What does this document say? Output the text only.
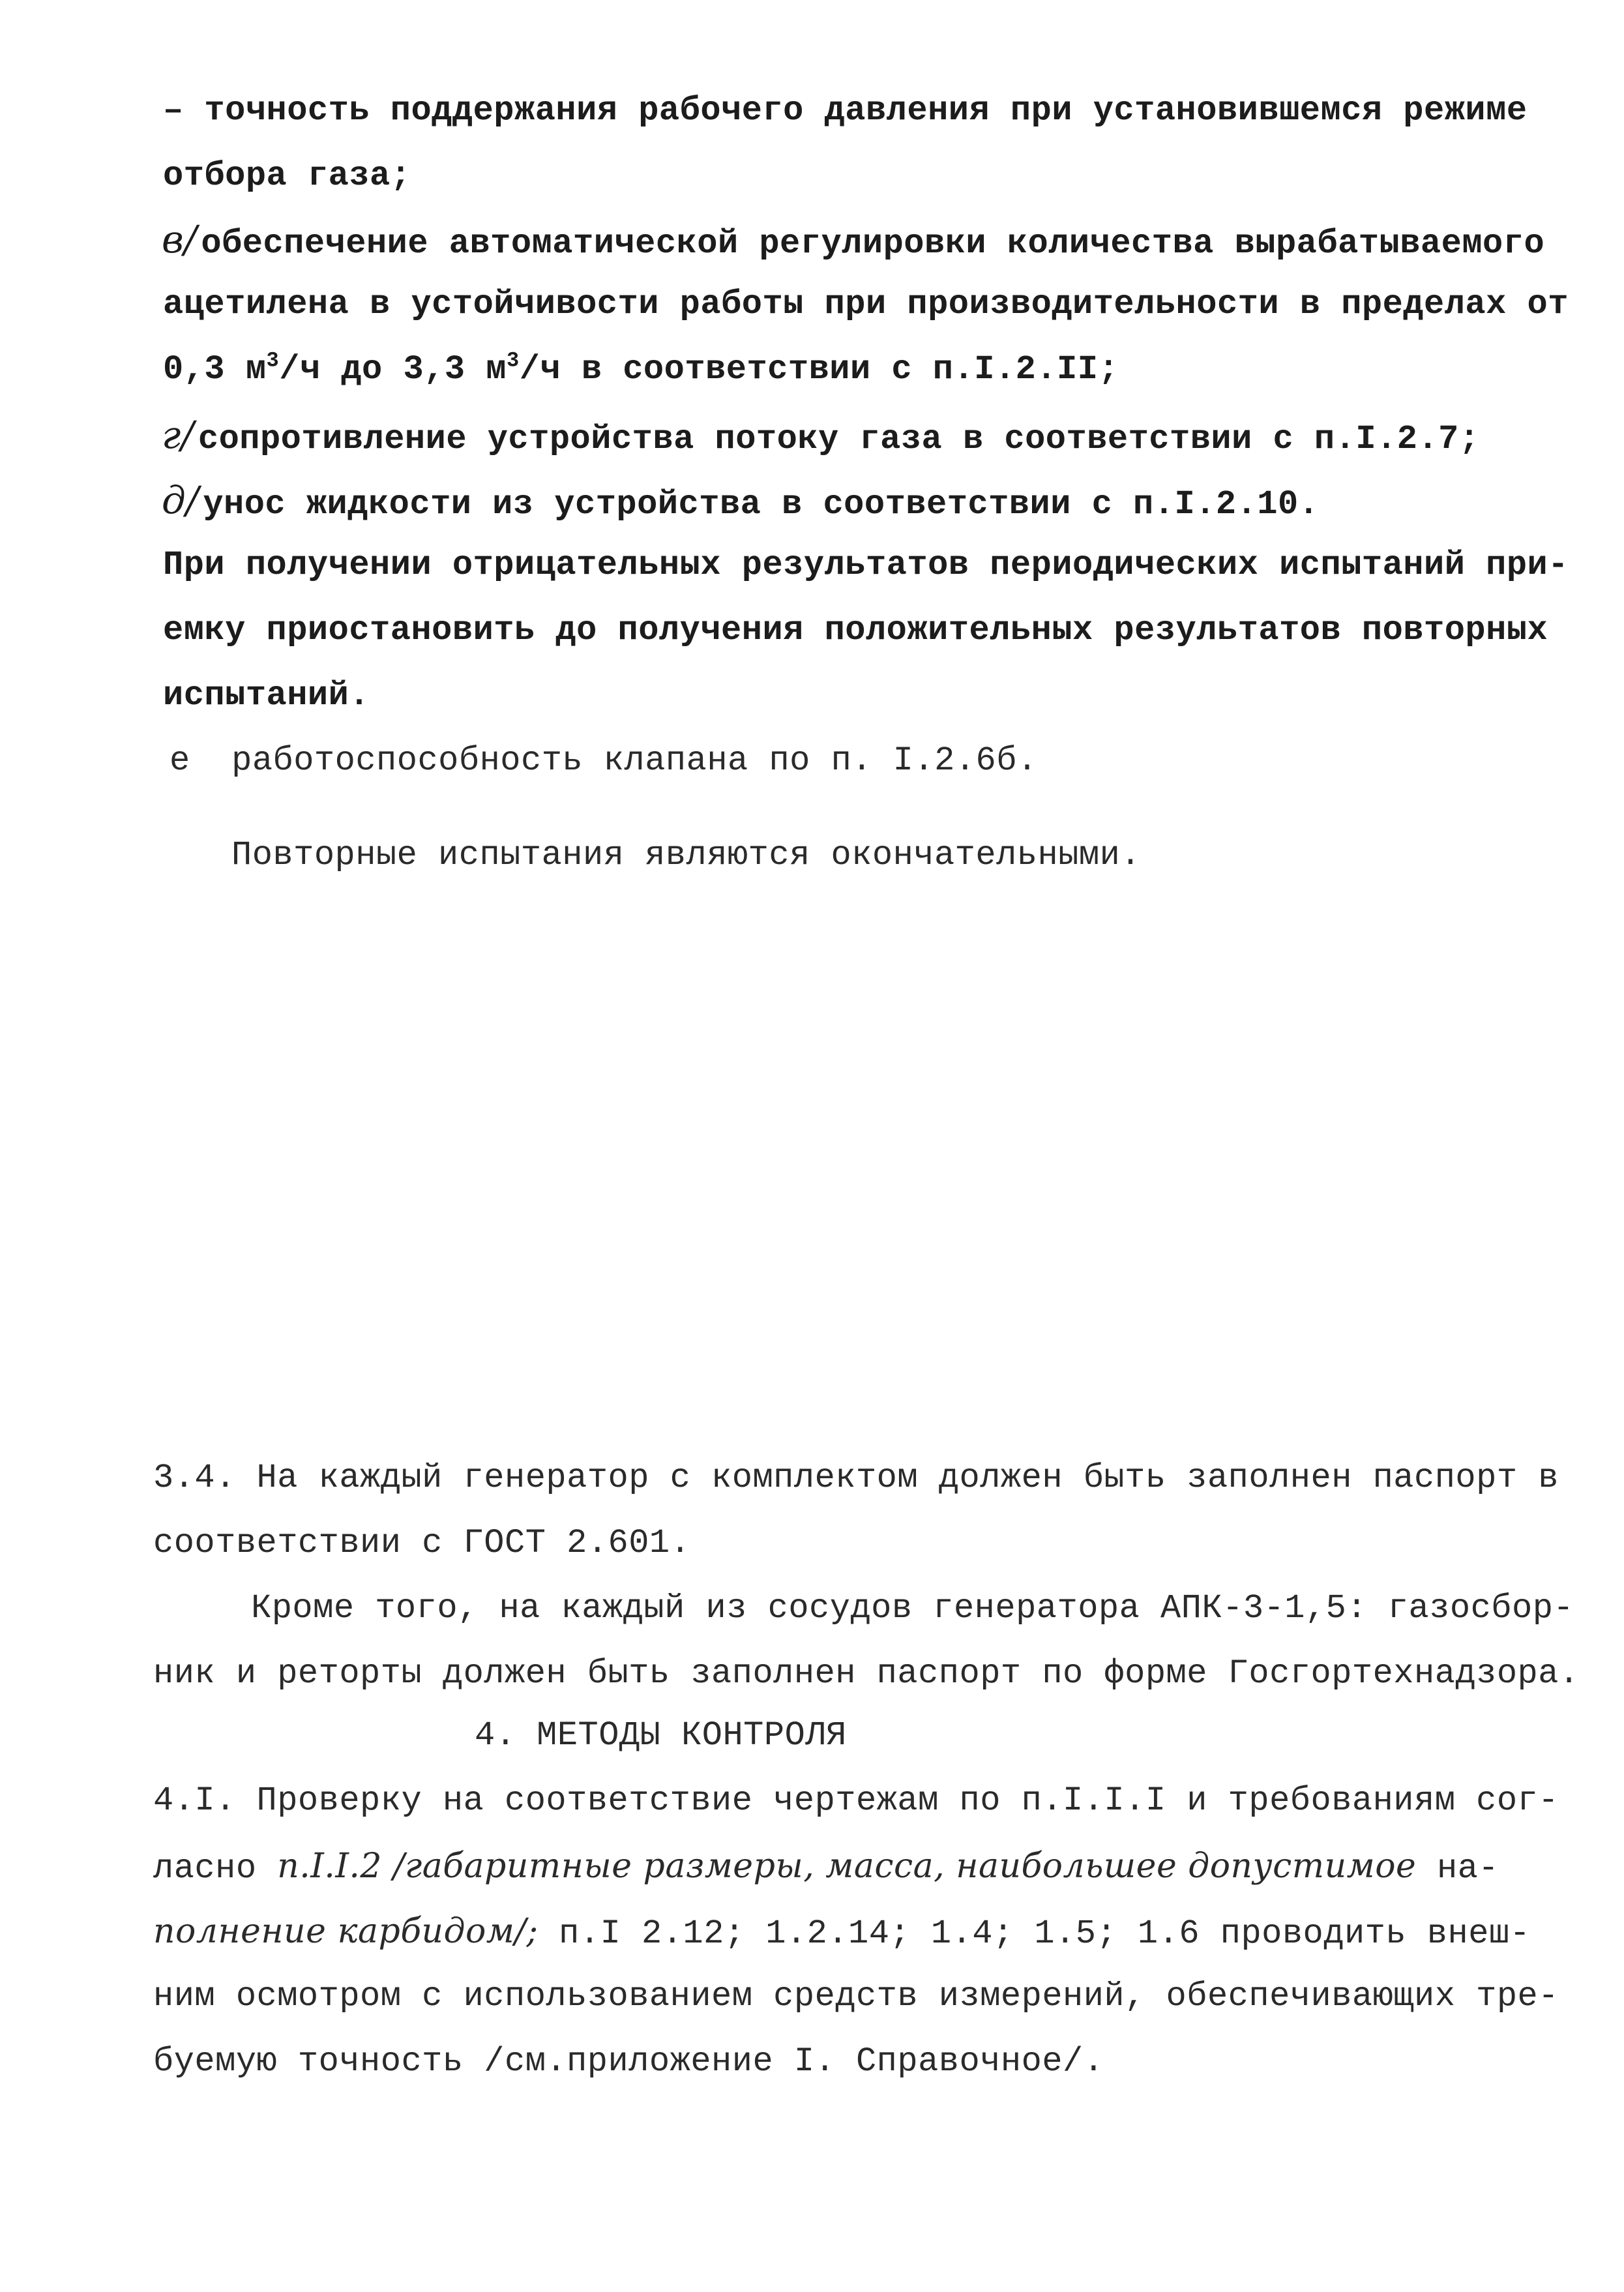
– точность поддержания рабочего давления при установившемся режиме

отбора газа;

в/ обеспечение автоматической регулировки количества вырабатываемого

ацетилена в устойчивости работы при производительности в пределах от

0,3 $м^3/ч$ до 3,3 $м^3/ч$ в соответствии с п.I.2.II;

г/ сопротивление устройства потоку газа в соответствии с п.I.2.7;

д/ унос жидкости из устройства в соответствии с п.I.2.10.

При получении отрицательных результатов периодических испытаний при-

емку приостановить до получения положительных результатов повторных

испытаний.

е  работоспособность клапана по п. I.2.6б.

Повторные испытания являются окончательными.

3.4. На каждый генератор с комплектом должен быть заполнен паспорт в

соответствии с ГОСТ 2.601.

Кроме того, на каждый из сосудов генератора АПК-3-1,5: газосбор-

ник и реторты должен быть заполнен паспорт по форме Госгортехнадзора.

4. МЕТОДЫ КОНТРОЛЯ

4.I. Проверку на соответствие чертежам по п.I.I.I и требованиям сог-

ласно п.I.I.2 /габаритные размеры, масса, наибольшее допустимое на-

полнение карбидом/; п.I 2.12; 1.2.14; 1.4; 1.5; 1.6 проводить внеш-

ним осмотром с использованием средств измерений, обеспечивающих тре-

буемую точность /см.приложение I. Справочное/.
